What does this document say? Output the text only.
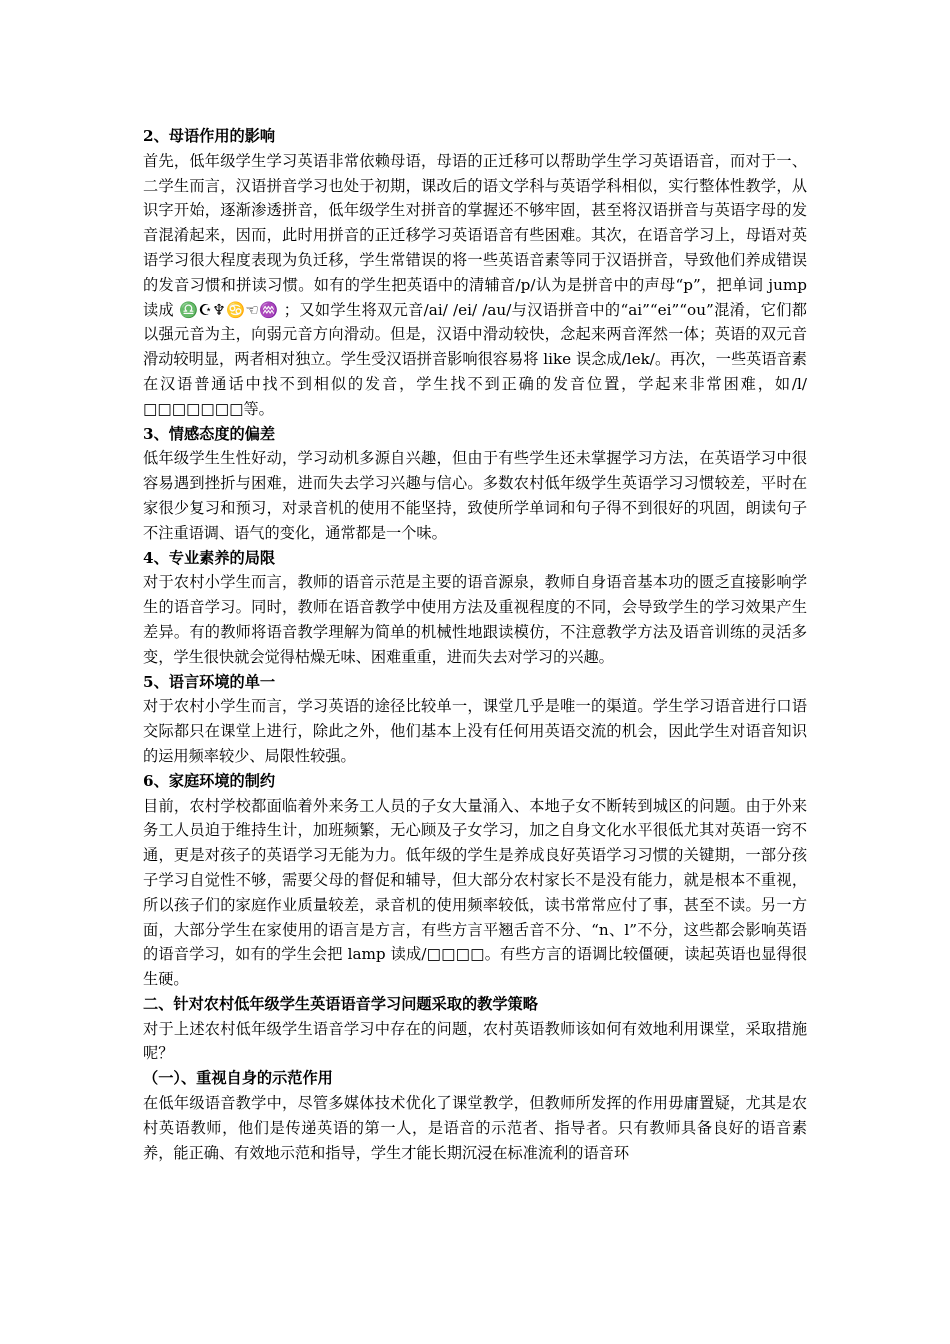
2、母语作用的影响

首先，低年级学生学习英语非常依赖母语，母语的正迁移可以帮助学生学习英语语音，而对于一、二学生而言，汉语拼音学习也处于初期，课改后的语文学科与英语学科相似，实行整体性教学，从识字开始，逐渐渗透拼音，低年级学生对拼音的掌握还不够牢固，甚至将汉语拼音与英语字母的发音混淆起来，因而，此时用拼音的正迁移学习英语语音有些困难。其次，在语音学习上，母语对英语学习很大程度表现为负迁移，学生常错误的将一些英语音素等同于汉语拼音，导致他们养成错误的发音习惯和拼读习惯。如有的学生把英语中的清辅音/p/认为是拼音中的声母“p”，把单词 jump 读成 ♎☪♆♋☜♒ ；又如学生将双元音/ai/ /ei/ /au/与汉语拼音中的“ai”“ei”“ou”混淆，它们都以强元音为主，向弱元音方向滑动。但是，汉语中滑动较快，念起来两音浑然一体；英语的双元音滑动较明显，两者相对独立。学生受汉语拼音影响很容易将 like 误念成/lek/。再次，一些英语音素在汉语普通话中找不到相似的发音，学生找不到正确的发音位置，学起来非常困难，如/l/□□□□□□□等。

3、情感态度的偏差

低年级学生生性好动，学习动机多源自兴趣，但由于有些学生还未掌握学习方法，在英语学习中很容易遇到挫折与困难，进而失去学习兴趣与信心。多数农村低年级学生英语学习习惯较差，平时在家很少复习和预习，对录音机的使用不能坚持，致使所学单词和句子得不到很好的巩固，朗读句子不注重语调、语气的变化，通常都是一个味。

4、专业素养的局限

对于农村小学生而言，教师的语音示范是主要的语音源泉，教师自身语音基本功的匮乏直接影响学生的语音学习。同时，教师在语音教学中使用方法及重视程度的不同，会导致学生的学习效果产生差异。有的教师将语音教学理解为简单的机械性地跟读模仿，不注意教学方法及语音训练的灵活多变，学生很快就会觉得枯燥无味、困难重重，进而失去对学习的兴趣。

5、语言环境的单一

对于农村小学生而言，学习英语的途径比较单一，课堂几乎是唯一的渠道。学生学习语音进行口语交际都只在课堂上进行，除此之外，他们基本上没有任何用英语交流的机会，因此学生对语音知识的运用频率较少、局限性较强。

6、家庭环境的制约

目前，农村学校都面临着外来务工人员的子女大量涌入、本地子女不断转到城区的问题。由于外来务工人员迫于维持生计，加班频繁，无心顾及子女学习，加之自身文化水平很低尤其对英语一窍不通，更是对孩子的英语学习无能为力。低年级的学生是养成良好英语学习习惯的关键期，一部分孩子学习自觉性不够，需要父母的督促和辅导，但大部分农村家长不是没有能力，就是根本不重视，所以孩子们的家庭作业质量较差，录音机的使用频率较低，读书常常应付了事，甚至不读。另一方面，大部分学生在家使用的语言是方言，有些方言平翘舌音不分、“n、l”不分，这些都会影响英语的语音学习，如有的学生会把 lamp 读成/□□□□。有些方言的语调比较僵硬，读起英语也显得很生硬。

二、针对农村低年级学生英语语音学习问题采取的教学策略

对于上述农村低年级学生语音学习中存在的问题，农村英语教师该如何有效地利用课堂，采取措施呢？

（一）、重视自身的示范作用

在低年级语音教学中，尽管多媒体技术优化了课堂教学，但教师所发挥的作用毋庸置疑，尤其是农村英语教师，他们是传递英语的第一人，是语音的示范者、指导者。只有教师具备良好的语音素养，能正确、有效地示范和指导，学生才能长期沉浸在标准流利的语音环
